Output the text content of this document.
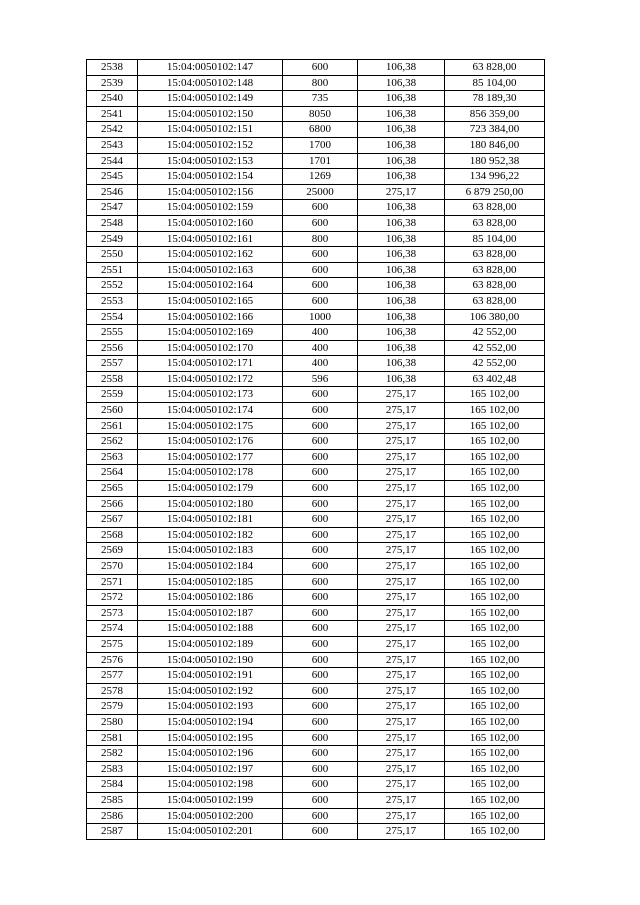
2538	15:04:0050102:147	600	106,38	63 828,00
2539	15:04:0050102:148	800	106,38	85 104,00
2540	15:04:0050102:149	735	106,38	78 189,30
2541	15:04:0050102:150	8050	106,38	856 359,00
2542	15:04:0050102:151	6800	106,38	723 384,00
2543	15:04:0050102:152	1700	106,38	180 846,00
2544	15:04:0050102:153	1701	106,38	180 952,38
2545	15:04:0050102:154	1269	106,38	134 996,22
2546	15:04:0050102:156	25000	275,17	6 879 250,00
2547	15:04:0050102:159	600	106,38	63 828,00
2548	15:04:0050102:160	600	106,38	63 828,00
2549	15:04:0050102:161	800	106,38	85 104,00
2550	15:04:0050102:162	600	106,38	63 828,00
2551	15:04:0050102:163	600	106,38	63 828,00
2552	15:04:0050102:164	600	106,38	63 828,00
2553	15:04:0050102:165	600	106,38	63 828,00
2554	15:04:0050102:166	1000	106,38	106 380,00
2555	15:04:0050102:169	400	106,38	42 552,00
2556	15:04:0050102:170	400	106,38	42 552,00
2557	15:04:0050102:171	400	106,38	42 552,00
2558	15:04:0050102:172	596	106,38	63 402,48
2559	15:04:0050102:173	600	275,17	165 102,00
2560	15:04:0050102:174	600	275,17	165 102,00
2561	15:04:0050102:175	600	275,17	165 102,00
2562	15:04:0050102:176	600	275,17	165 102,00
2563	15:04:0050102:177	600	275,17	165 102,00
2564	15:04:0050102:178	600	275,17	165 102,00
2565	15:04:0050102:179	600	275,17	165 102,00
2566	15:04:0050102:180	600	275,17	165 102,00
2567	15:04:0050102:181	600	275,17	165 102,00
2568	15:04:0050102:182	600	275,17	165 102,00
2569	15:04:0050102:183	600	275,17	165 102,00
2570	15:04:0050102:184	600	275,17	165 102,00
2571	15:04:0050102:185	600	275,17	165 102,00
2572	15:04:0050102:186	600	275,17	165 102,00
2573	15:04:0050102:187	600	275,17	165 102,00
2574	15:04:0050102:188	600	275,17	165 102,00
2575	15:04:0050102:189	600	275,17	165 102,00
2576	15:04:0050102:190	600	275,17	165 102,00
2577	15:04:0050102:191	600	275,17	165 102,00
2578	15:04:0050102:192	600	275,17	165 102,00
2579	15:04:0050102:193	600	275,17	165 102,00
2580	15:04:0050102:194	600	275,17	165 102,00
2581	15:04:0050102:195	600	275,17	165 102,00
2582	15:04:0050102:196	600	275,17	165 102,00
2583	15:04:0050102:197	600	275,17	165 102,00
2584	15:04:0050102:198	600	275,17	165 102,00
2585	15:04:0050102:199	600	275,17	165 102,00
2586	15:04:0050102:200	600	275,17	165 102,00
2587	15:04:0050102:201	600	275,17	165 102,00
